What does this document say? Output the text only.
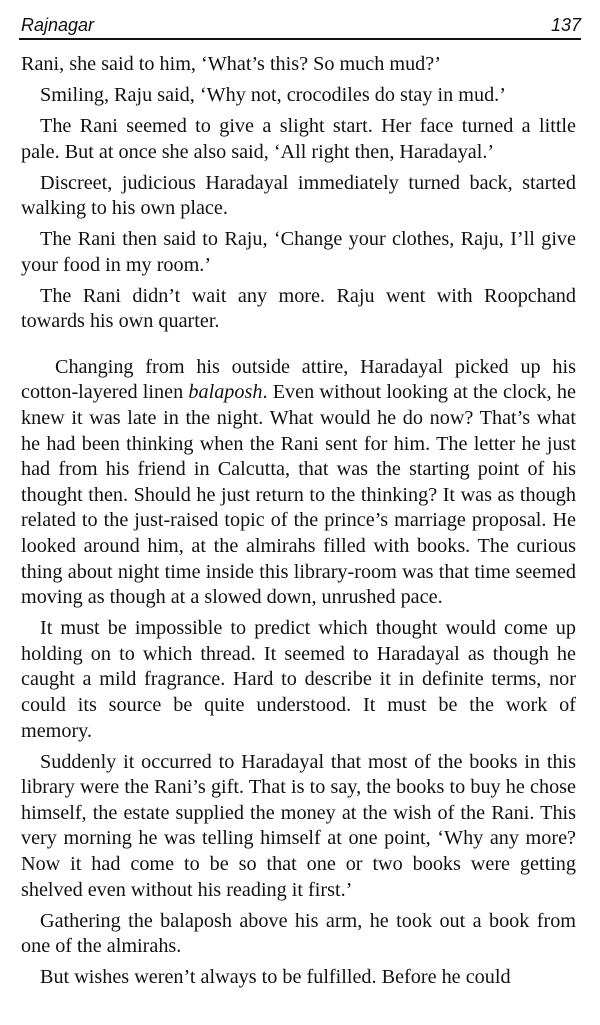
Rajnagar	137

Rani, she said to him, ‘What’s this? So much mud?’

Smiling, Raju said, ‘Why not, crocodiles do stay in mud.’

The Rani seemed to give a slight start. Her face turned a little pale. But at once she also said, ‘All right then, Haradayal.’

Discreet, judicious Haradayal immediately turned back, started walking to his own place.

The Rani then said to Raju, ‘Change your clothes, Raju, I’ll give your food in my room.’

The Rani didn’t wait any more. Raju went with Roopchand towards his own quarter.

Changing from his outside attire, Haradayal picked up his cotton-layered linen balaposh. Even without looking at the clock, he knew it was late in the night. What would he do now? That’s what he had been thinking when the Rani sent for him. The letter he just had from his friend in Calcutta, that was the starting point of his thought then. Should he just return to the thinking? It was as though related to the just-raised topic of the prince’s marriage proposal. He looked around him, at the almirahs filled with books. The curious thing about night time inside this library-room was that time seemed moving as though at a slowed down, unrushed pace.

It must be impossible to predict which thought would come up holding on to which thread. It seemed to Haradayal as though he caught a mild fragrance. Hard to describe it in definite terms, nor could its source be quite understood. It must be the work of memory.

Suddenly it occurred to Haradayal that most of the books in this library were the Rani’s gift. That is to say, the books to buy he chose himself, the estate supplied the money at the wish of the Rani. This very morning he was telling himself at one point, ‘Why any more? Now it had come to be so that one or two books were getting shelved even without his reading it first.’

Gathering the balaposh above his arm, he took out a book from one of the almirahs.

But wishes weren’t always to be fulfilled. Before he could
